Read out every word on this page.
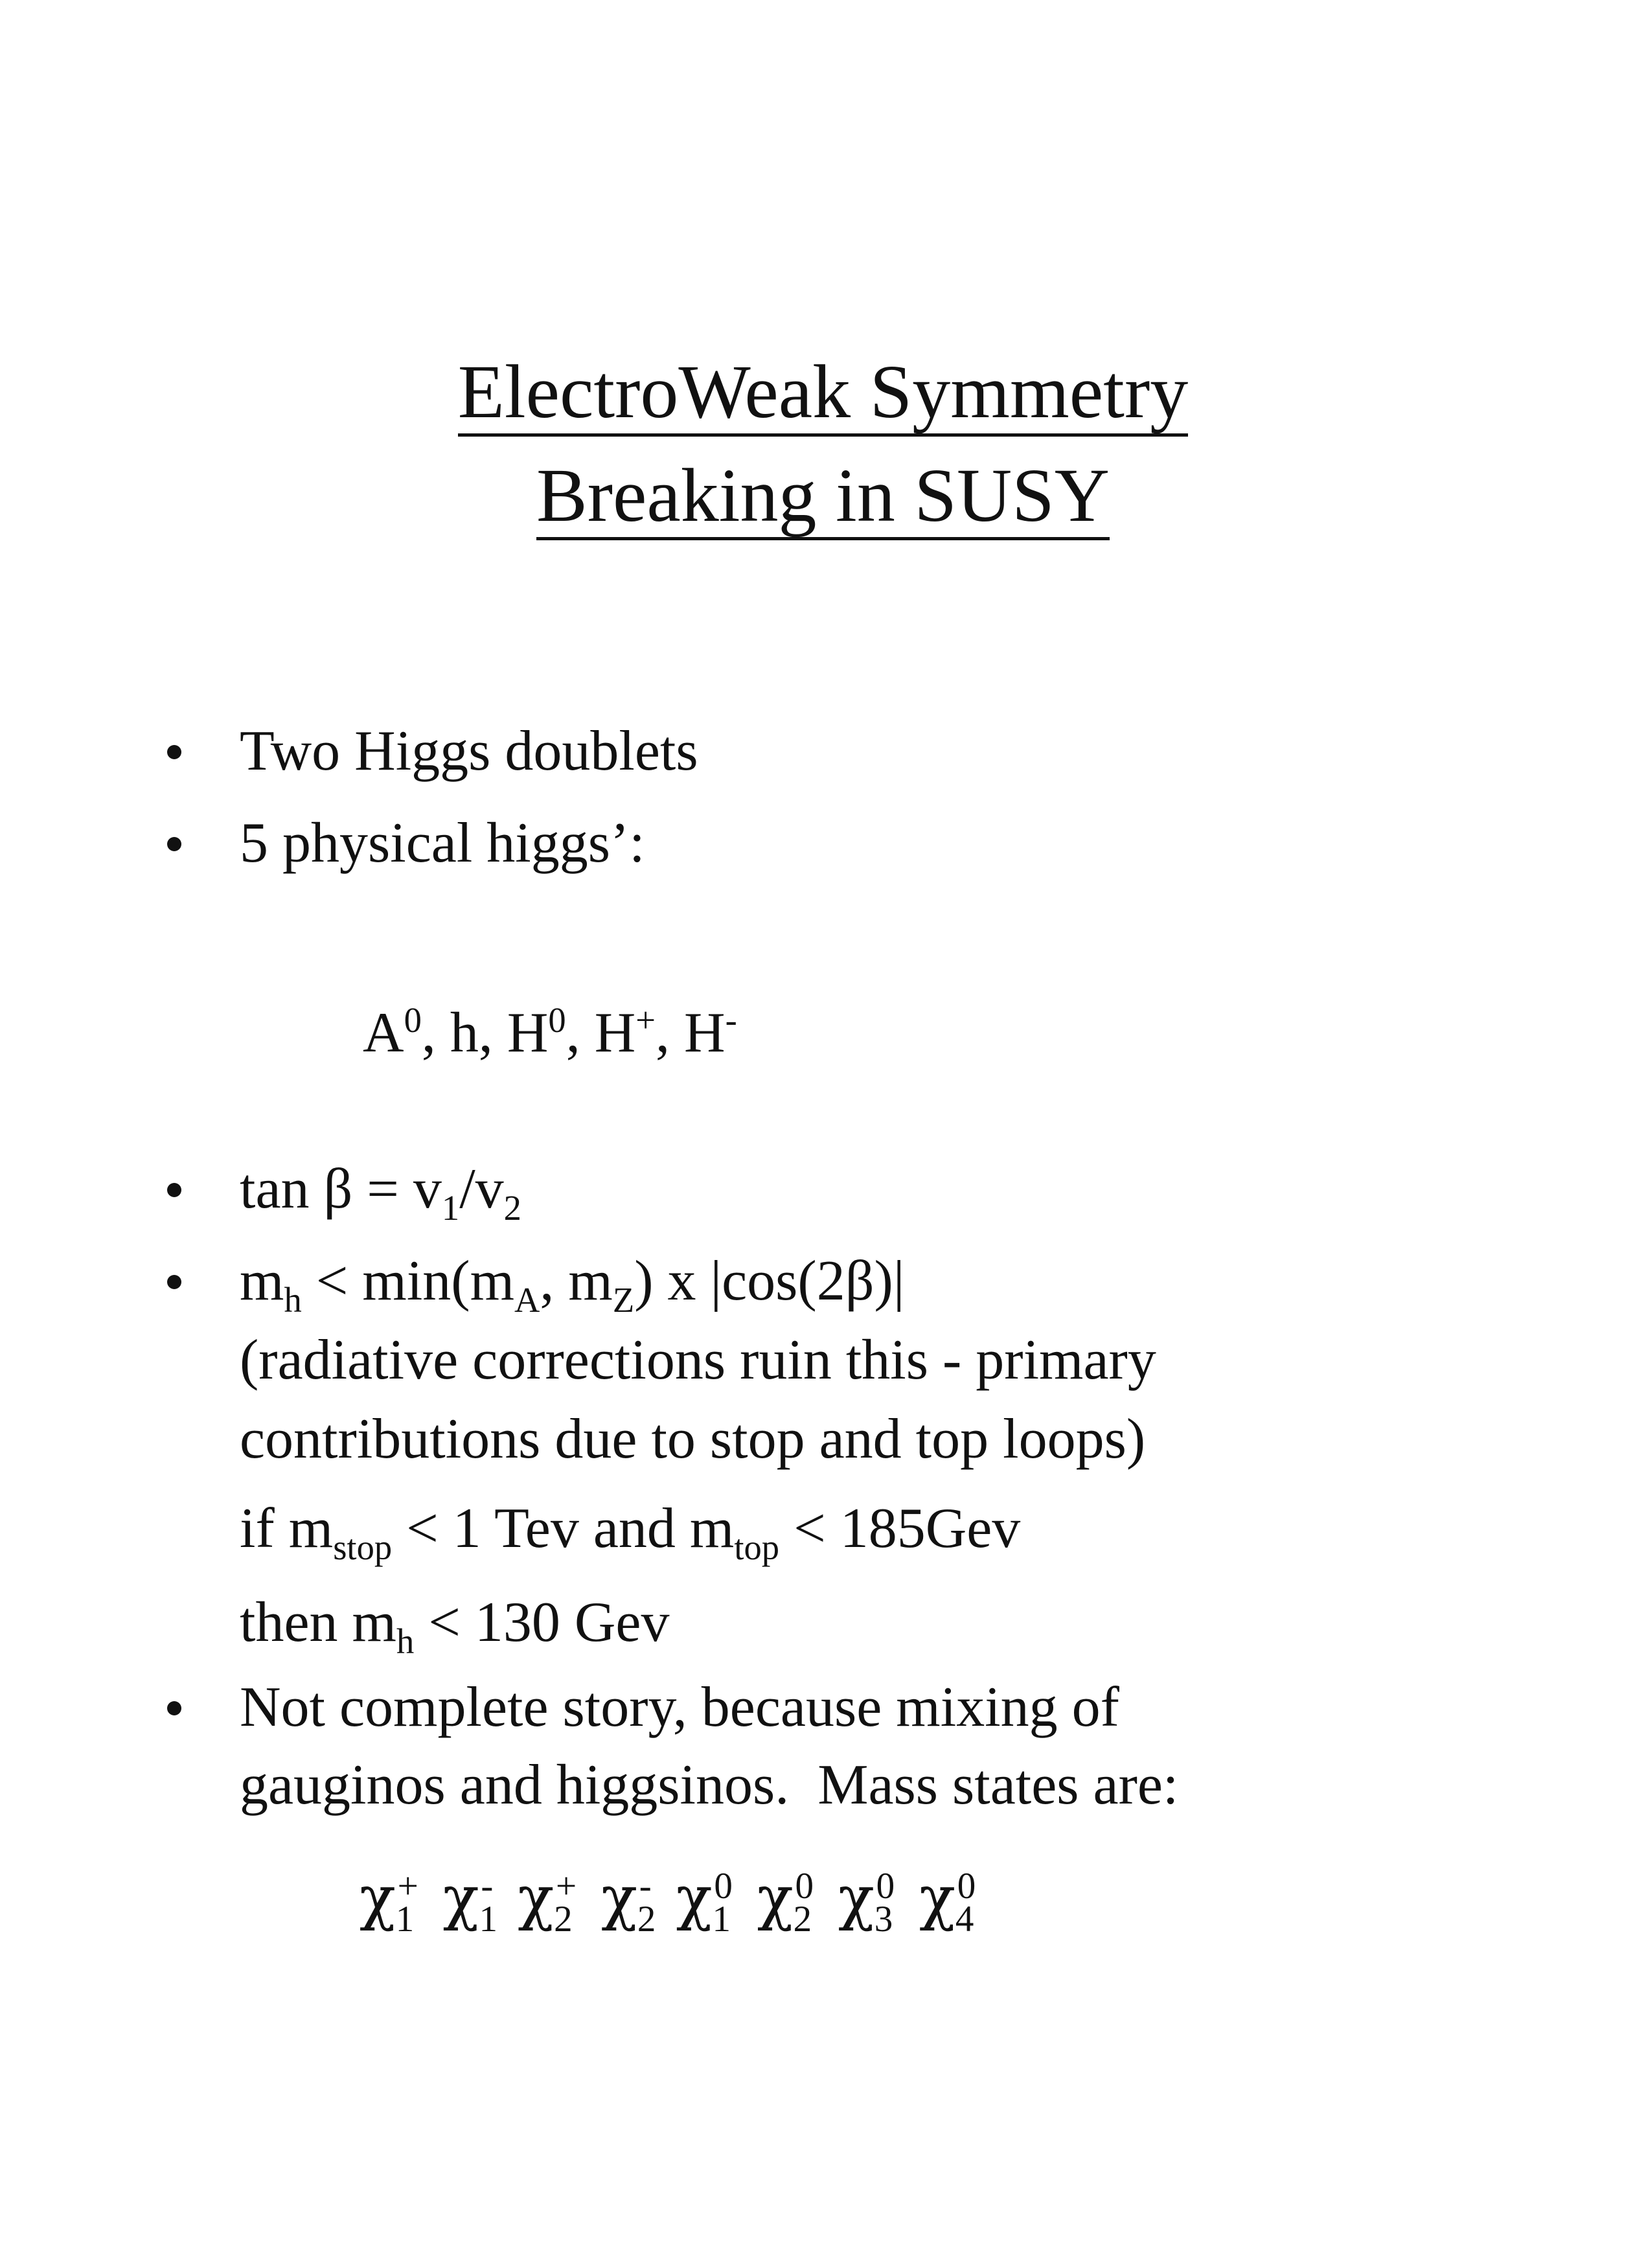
ElectroWeak Symmetry
Breaking in SUSY
Two Higgs doublets
5 physical higgs’:
$A^0$, h, $H^0$, H+, H-
$\tan \beta = v_1/v_2$
$m_h < \min(m_A$, $m_Z$) x |cos(2β)|
(radiative corrections ruin this - primary
contributions due to stop and top loops)
if $m_{stop} < 1$ Tev and $m_{top} < 185Gev$
then $m_h < 130$ Gev
Not complete story, because mixing of
gauginos and higgsinos.  Mass states are:
$\chi_1^+$ $\chi_1^-$ $\chi_2^+$ $\chi_2^-$ $\chi_1^0$ $\chi_2^0$ $\chi_3^0$ $\chi_4^0$
